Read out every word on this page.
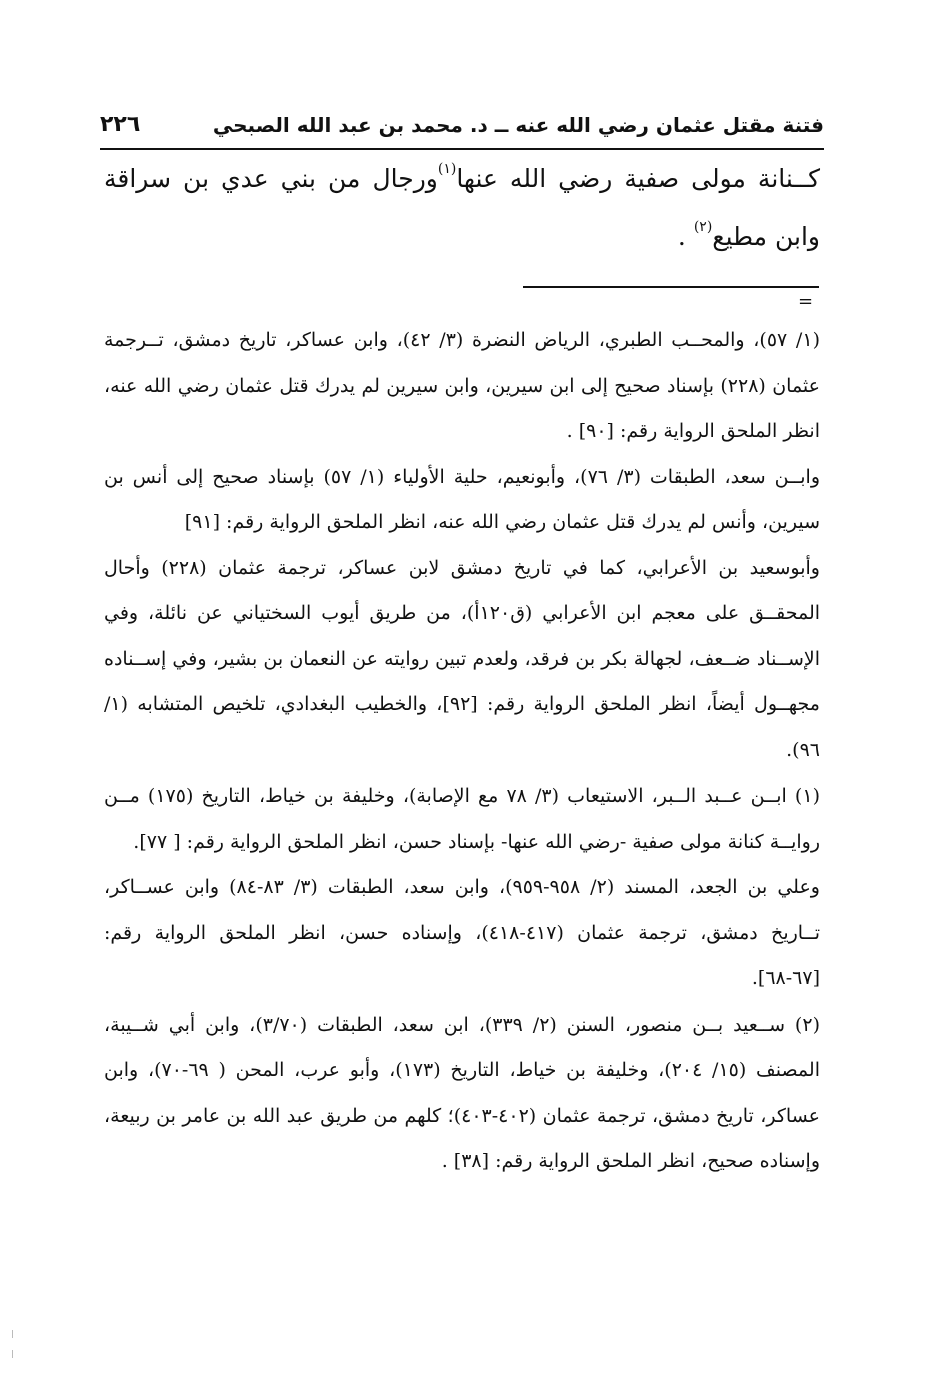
فتنة مقتل عثمان رضي الله عنه ــ د. محمد بن عبد الله الصبحي
٢٢٦

كــنانة مولى صفية رضي الله عنها$^{(١)}$ورجال من بني عدي بن سراقة وابن مطيع$^{(٢)}$ .

=

(١/ ٥٧)، والمحــب الطبري، الرياض النضرة (٣/ ٤٢)، وابن عساكر، تاريخ دمشق، تــرجمة عثمان (٢٢٨) بإسناد صحيح إلى ابن سيرين، وابن سيرين لم يدرك قتل عثمان رضي الله عنه، انظر الملحق الرواية رقم: [٩٠] .

وابــن سعد، الطبقات (٣/ ٧٦)، وأبونعيم، حلية الأولياء (١/ ٥٧) بإسناد صحيح إلى أنس بن سيرين، وأنس لم يدرك قتل عثمان رضي الله عنه، انظر الملحق الرواية رقم: [٩١]

وأبوسعيد بن الأعرابي، كما في تاريخ دمشق لابن عساكر، ترجمة عثمان (٢٢٨) وأحال المحقــق على معجم ابن الأعرابي (ق١٢٠أ)، من طريق أيوب السختياني عن نائلة، وفي الإســناد ضــعف، لجهالة بكر بن فرقد، ولعدم تبين روايته عن النعمان بن بشير، وفي إســناده مجهــول أيضاً، انظر الملحق الرواية رقم: [٩٢]، والخطيب البغدادي، تلخيص المتشابه (١/ ٩٦).

(١) ابــن عــبد الــبر، الاستيعاب (٣/ ٧٨ مع الإصابة)، وخليفة بن خياط، التاريخ (١٧٥) مــن روايــة كنانة مولى صفية -رضي الله عنها- بإسناد حسن، انظر الملحق الرواية رقم: [ ٧٧].

وعلي بن الجعد، المسند (٢/ ٩٥٨-٩٥٩)، وابن سعد، الطبقات (٣/ ٨٣-٨٤) وابن عســاكر، تــاريخ دمشق، ترجمة عثمان (٤١٧-٤١٨)، وإسناده حسن، انظر الملحق الرواية رقم: [٦٧-٦٨].

(٢) ســعيد بــن منصور، السنن (٢/ ٣٣٩)، ابن سعد، الطبقات (٣/٧٠)، وابن أبي شــيبة، المصنف (١٥/ ٢٠٤)، وخليفة بن خياط، التاريخ (١٧٣)، وأبو عرب، المحن ( ٦٩-٧٠)، وابن عساكر، تاريخ دمشق، ترجمة عثمان (٤٠٢-٤٠٣)؛ كلهم من طريق عبد الله بن عامر بن ربيعة، وإسناده صحيح، انظر الملحق الرواية رقم: [٣٨] .
